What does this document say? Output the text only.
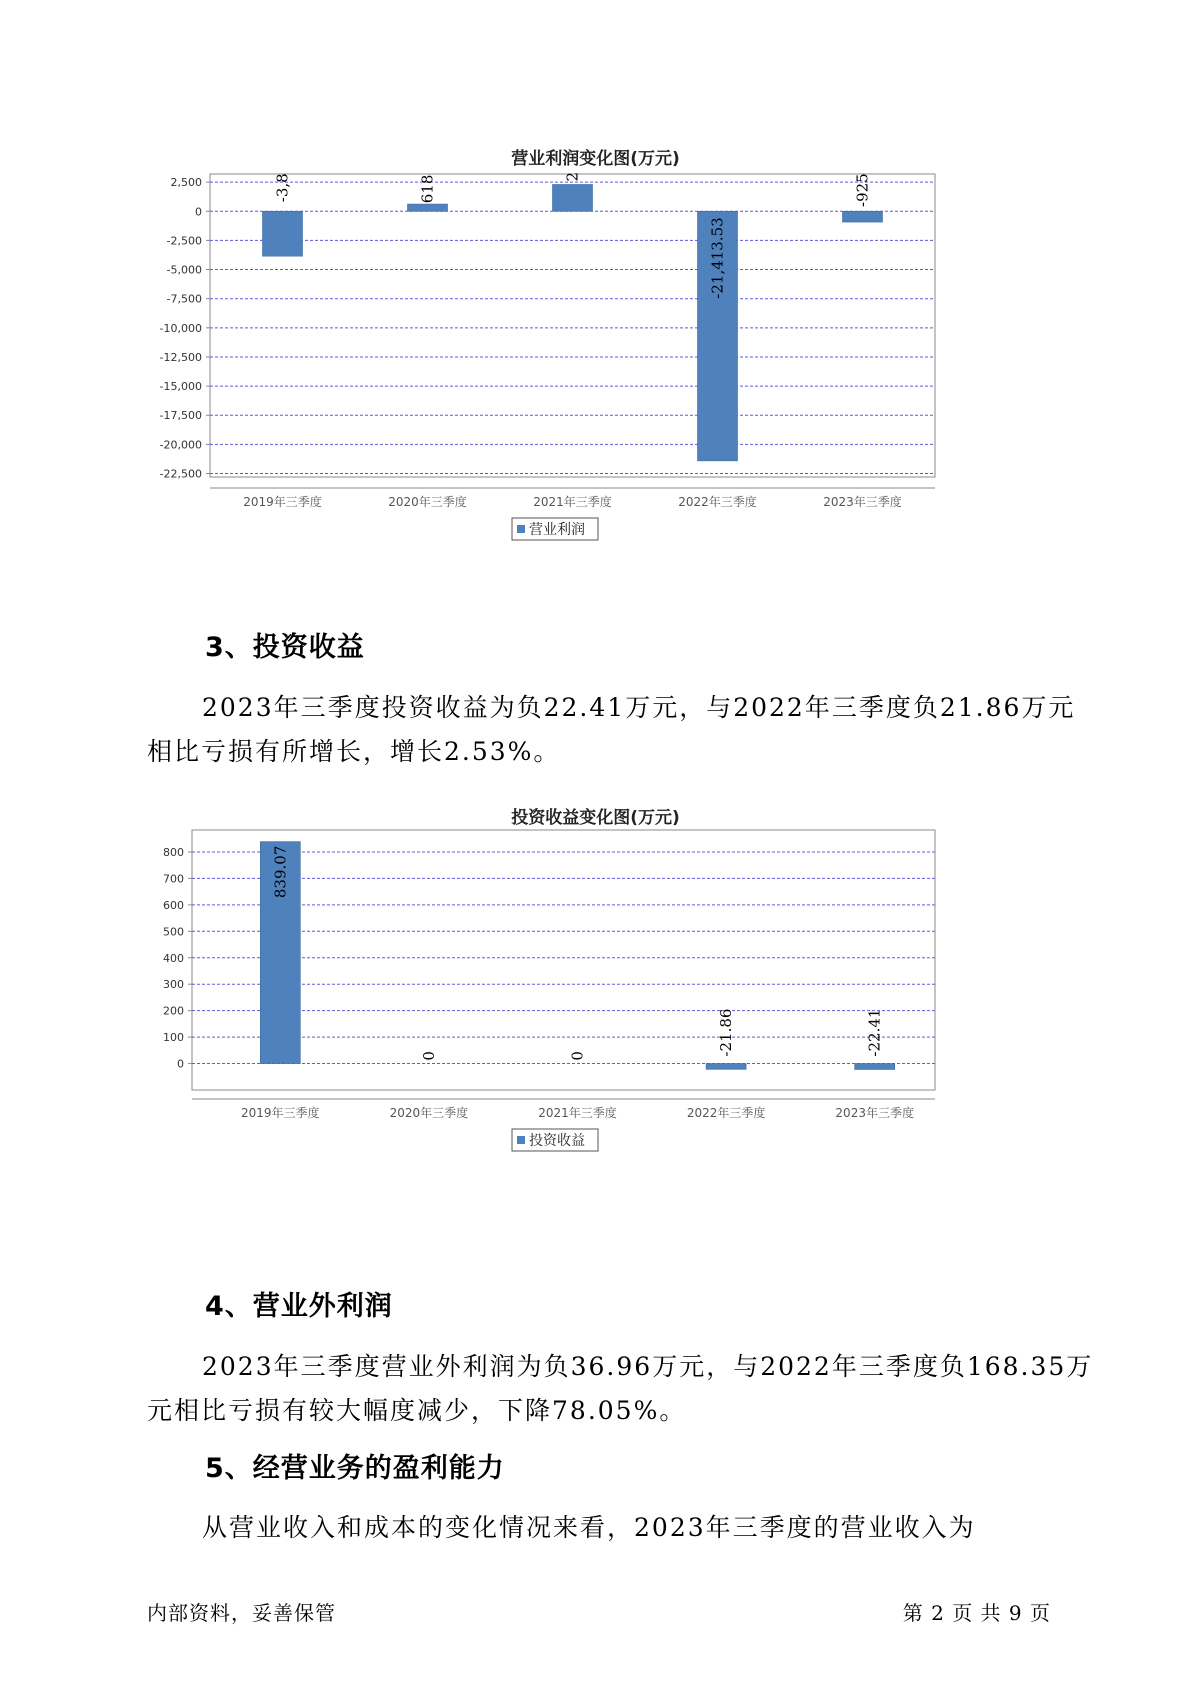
营业利润变化图(万元)
2,500
0
-2,500
-5,000
-7,500
-10,000
-12,500
-15,000
-17,500
-20,000
-22,500
-3,8
2019年三季度
618
2020年三季度
2
2021年三季度
-21,413.53
2022年三季度
-925
2023年三季度
营业利润
3、投资收益
2023年三季度投资收益为负22.41万元，与2022年三季度负21.86万元
相比亏损有所增长，增长2.53%。
投资收益变化图(万元)
800
700
600
500
400
300
200
100
0
839.07
2019年三季度
0
2020年三季度
0
2021年三季度
-21.86
2022年三季度
-22.41
2023年三季度
投资收益
4、营业外利润
2023年三季度营业外利润为负36.96万元，与2022年三季度负168.35万
元相比亏损有较大幅度减少，下降78.05%。
5、经营业务的盈利能力
从营业收入和成本的变化情况来看，2023年三季度的营业收入为
内部资料，妥善保管	第 2 页 共 9 页
